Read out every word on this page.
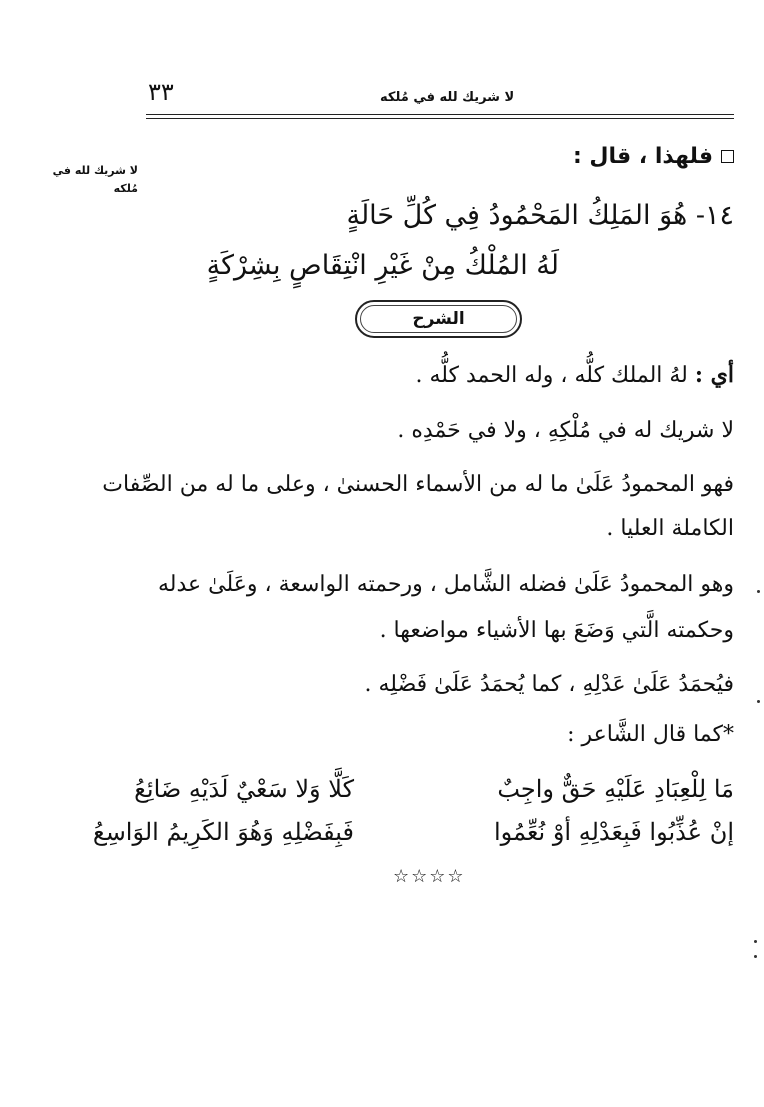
٣٣	لا شريك لله في مُلكه
لا شريك لله في مُلكه
فلهذا ، قال :
١٤- هُوَ المَلِكُ المَحْمُودُ فِي كُلِّ حَالَةٍ
لَهُ المُلْكُ مِنْ غَيْرِ انْتِقَاصٍ بِشِرْكَةٍ
الشرح
أي : لهُ الملك كلُّه ، وله الحمد كلُّه .
لا شريك له في مُلْكِهِ ، ولا في حَمْدِه .
فهو المحمودُ عَلَىٰ ما له من الأسماء الحسنىٰ ، وعلى ما له من الصِّفات
الكاملة العليا .
وهو المحمودُ عَلَىٰ فضله الشَّامل ، ورحمته الواسعة ، وعَلَىٰ عدله
وحكمته الَّتي وَضَعَ بها الأشياء مواضعها .
فيُحمَدُ عَلَىٰ عَدْلِهِ ، كما يُحمَدُ عَلَىٰ فَضْلِه .
*كما قال الشَّاعر :
مَا لِلْعِبَادِ عَلَيْهِ حَقٌّ واجِبٌ
كَلَّا وَلا سَعْيٌ لَدَيْهِ ضَائِعُ
إنْ عُذِّبُوا فَبِعَدْلِهِ أوْ نُعِّمُوا
فَبِفَضْلِهِ وَهُوَ الكَرِيمُ الوَاسِعُ
☆☆☆☆
